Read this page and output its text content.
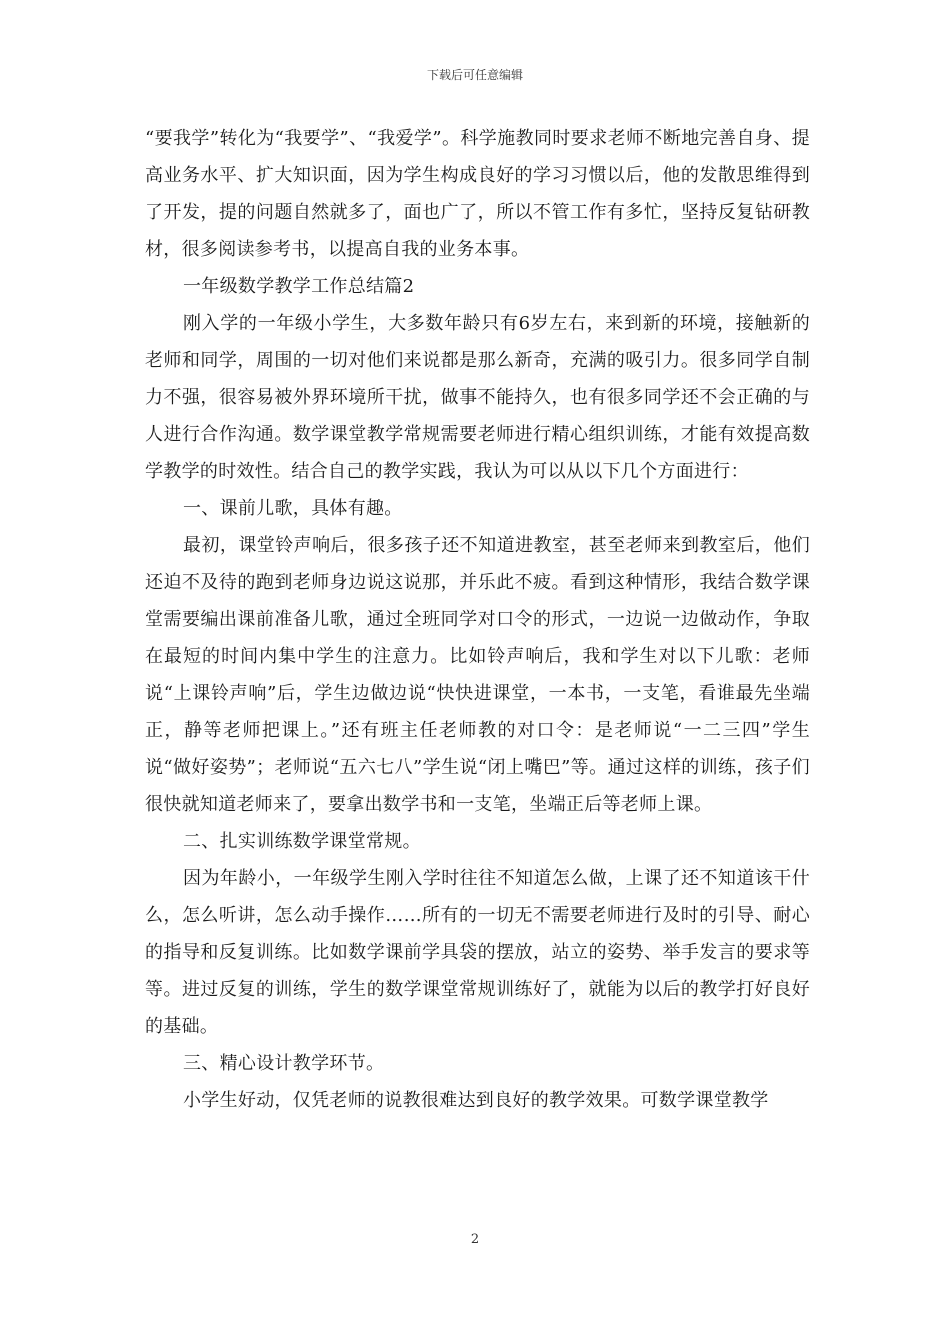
下载后可任意编辑

“要我学”转化为“我要学”、“我爱学”。科学施教同时要求老师不断地完善自身、提高业务水平、扩大知识面，因为学生构成良好的学习习惯以后，他的发散思维得到了开发，提的问题自然就多了，面也广了，所以不管工作有多忙，坚持反复钻研教材，很多阅读参考书，以提高自我的业务本事。

一年级数学教学工作总结篇2

刚入学的一年级小学生，大多数年龄只有6岁左右，来到新的环境，接触新的老师和同学，周围的一切对他们来说都是那么新奇，充满的吸引力。很多同学自制力不强，很容易被外界环境所干扰，做事不能持久，也有很多同学还不会正确的与人进行合作沟通。数学课堂教学常规需要老师进行精心组织训练，才能有效提高数学教学的时效性。结合自己的教学实践，我认为可以从以下几个方面进行：

一、课前儿歌，具体有趣。

最初，课堂铃声响后，很多孩子还不知道进教室，甚至老师来到教室后，他们还迫不及待的跑到老师身边说这说那，并乐此不疲。看到这种情形，我结合数学课堂需要编出课前准备儿歌，通过全班同学对口令的形式，一边说一边做动作，争取在最短的时间内集中学生的注意力。比如铃声响后，我和学生对以下儿歌：老师说“上课铃声响”后，学生边做边说“快快进课堂，一本书，一支笔，看谁最先坐端正，静等老师把课上。”还有班主任老师教的对口令：是老师说“一二三四”学生说“做好姿势”；老师说“五六七八”学生说“闭上嘴巴”等。通过这样的训练，孩子们很快就知道老师来了，要拿出数学书和一支笔，坐端正后等老师上课。

二、扎实训练数学课堂常规。

因为年龄小，一年级学生刚入学时往往不知道怎么做，上课了还不知道该干什么，怎么听讲，怎么动手操作……所有的一切无不需要老师进行及时的引导、耐心的指导和反复训练。比如数学课前学具袋的摆放，站立的姿势、举手发言的要求等等。进过反复的训练，学生的数学课堂常规训练好了，就能为以后的教学打好良好的基础。

三、精心设计教学环节。

小学生好动，仅凭老师的说教很难达到良好的教学效果。可数学课堂教学

2
